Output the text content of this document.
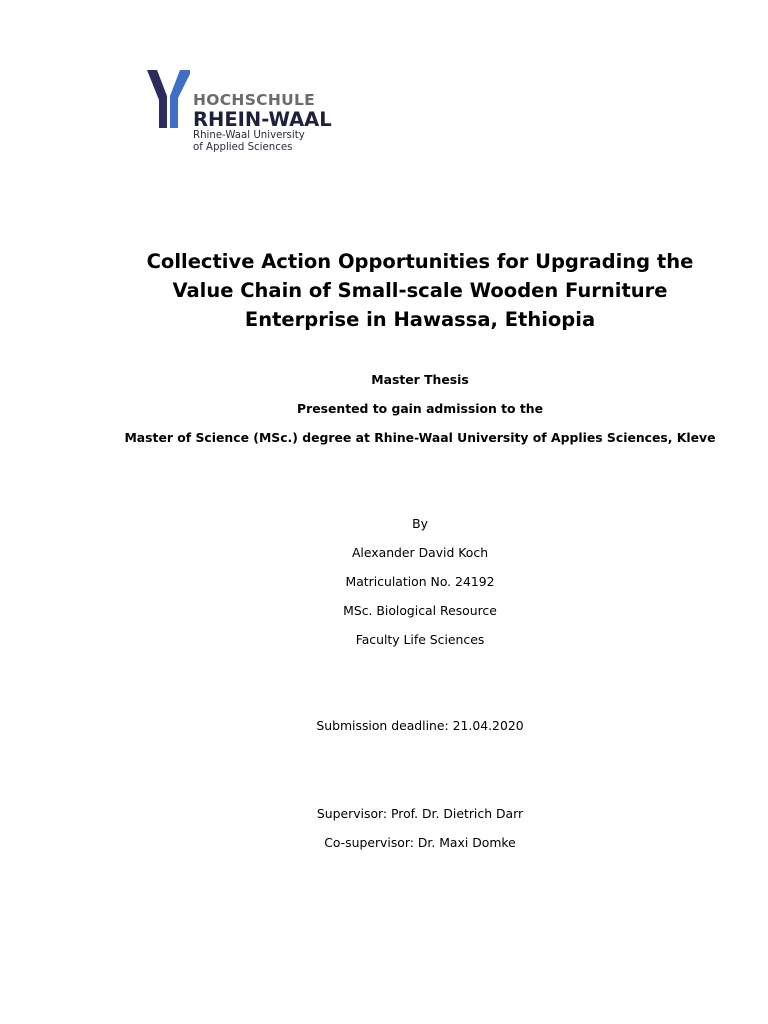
HOCHSCHULE
RHEIN-WAAL
Rhine-Waal University
of Applied Sciences
Collective Action Opportunities for Upgrading the Value Chain of Small-scale Wooden Furniture Enterprise in Hawassa, Ethiopia
Master Thesis
Presented to gain admission to the
Master of Science (MSc.) degree at Rhine-Waal University of Applies Sciences, Kleve
By
Alexander David Koch
Matriculation No. 24192
MSc. Biological Resource
Faculty Life Sciences
Submission deadline: 21.04.2020
Supervisor: Prof. Dr. Dietrich Darr
Co-supervisor: Dr. Maxi Domke
